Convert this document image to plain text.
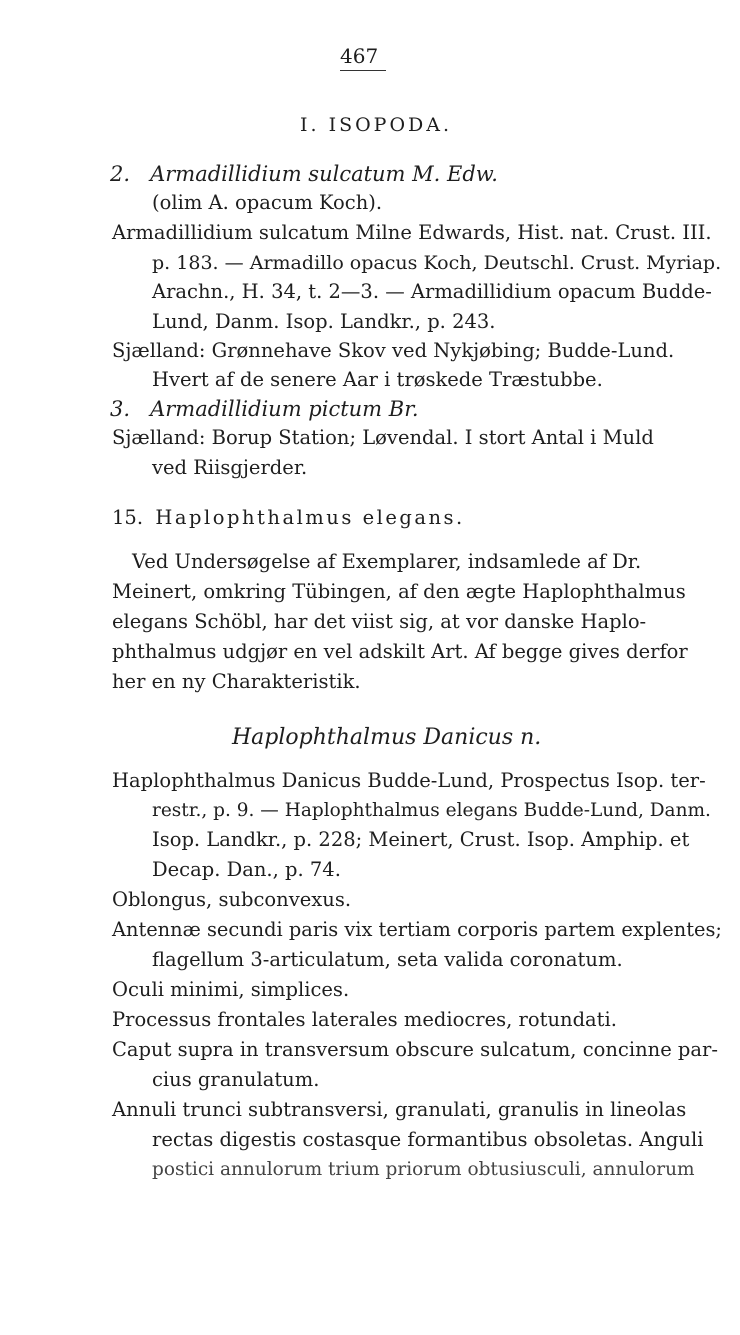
467
I. ISOPODA.
2. Armadillidium sulcatum M. Edw.
(olim A. opacum Koch).
Armadillidium sulcatum Milne Edwards, Hist. nat. Crust. III.
p. 183. — Armadillo opacus Koch, Deutschl. Crust. Myriap.
Arachn., H. 34, t. 2—3. — Armadillidium opacum Budde-
Lund, Danm. Isop. Landkr., p. 243.
Sjælland: Grønnehave Skov ved Nykjøbing; Budde-Lund.
Hvert af de senere Aar i trøskede Træstubbe.
3. Armadillidium pictum Br.
Sjælland: Borup Station; Løvendal. I stort Antal i Muld
ved Riisgjerder.
15. Haplophthalmus elegans.
Ved Undersøgelse af Exemplarer, indsamlede af Dr.
Meinert, omkring Tübingen, af den ægte Haplophthalmus
elegans Schöbl, har det viist sig, at vor danske Haplo-
phthalmus udgjør en vel adskilt Art. Af begge gives derfor
her en ny Charakteristik.
Haplophthalmus Danicus n.
Haplophthalmus Danicus Budde-Lund, Prospectus Isop. ter-
restr., p. 9. — Haplophthalmus elegans Budde-Lund, Danm.
Isop. Landkr., p. 228; Meinert, Crust. Isop. Amphip. et
Decap. Dan., p. 74.
Oblongus, subconvexus.
Antennæ secundi paris vix tertiam corporis partem explentes;
flagellum 3-articulatum, seta valida coronatum.
Oculi minimi, simplices.
Processus frontales laterales mediocres, rotundati.
Caput supra in transversum obscure sulcatum, concinne par-
cius granulatum.
Annuli trunci subtransversi, granulati, granulis in lineolas
rectas digestis costasque formantibus obsoletas. Anguli
postici annulorum trium priorum obtusiusculi, annulorum
